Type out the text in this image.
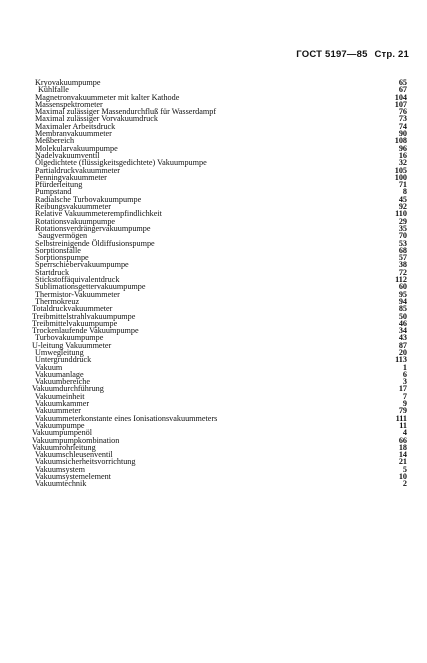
ГОСТ 5197—85 Стр. 21
Kryovakuumpumpe	65
Kühlfalle	67
Magnetronvakuummeter mit kalter Kathode	104
Massenspektrometer	107
Maximal zulässiger Massendurchfluß für Wasserdampf	76
Maximal zulässiger Vorvakuumdruck	73
Maximaler Arbeitsdruck	74
Membranvakuummeter	90
Meßbereich	108
Molekularvakuumpumpe	96
Nadelvakuumventil	16
Ölgedichtete (flüssigkeitsgedichtete) Vakuumpumpe	32
Partialdruckvakuummeter	105
Penningvakuummeter	100
Pfürderleitung	71
Pumpstand	8
Radialsche Turbovakuumpumpe	45
Reibungsvakuummeter	92
Relative Vakuummeterempfindlichkeit	110
Rotationsvakuumpumpe	29
Rotationsverdrängervakuumpumpe	35
Saugvermögen	70
Selbstreinigende Öldiffusionspumpe	53
Sorptionsfalle	68
Sorptionspumpe	57
Sperrschiebervakuumpumpe	38
Startdruck	72
Stickstoffäquivalentdruck	112
Sublimationsgettervakuumpumpe	60
Thermistor-Vakuummeter	95
Thermokreuz	94
Totaldruckvakuummeter	85
Treibmittelstrahlvakuumpumpe	50
Treibmittelvakuumpumpe	46
Trockenlaufende Vakuumpumpe	34
Turbovakuumpumpe	43
U-leitung Vakuummeter	87
Umwegleitung	20
Untergrunddruck	113
Vakuum	1
Vakuumanlage	6
Vakuumbereiche	3
Vakuumdurchführung	17
Vakuumeinheit	7
Vakuumkammer	9
Vakuummeter	79
Vakuummeterkonstante eines Ionisationsvakuummeters	111
Vakuumpumpe	11
Vakuumpumpenöl	4
Vakuumpumpkombination	66
Vakuumrohrleitung	18
Vakuumschleusenventil	14
Vakuumsicherheitsvorrichtung	21
Vakuumsystem	5
Vakuumsystemelement	10
Vakuumtechnik	2
